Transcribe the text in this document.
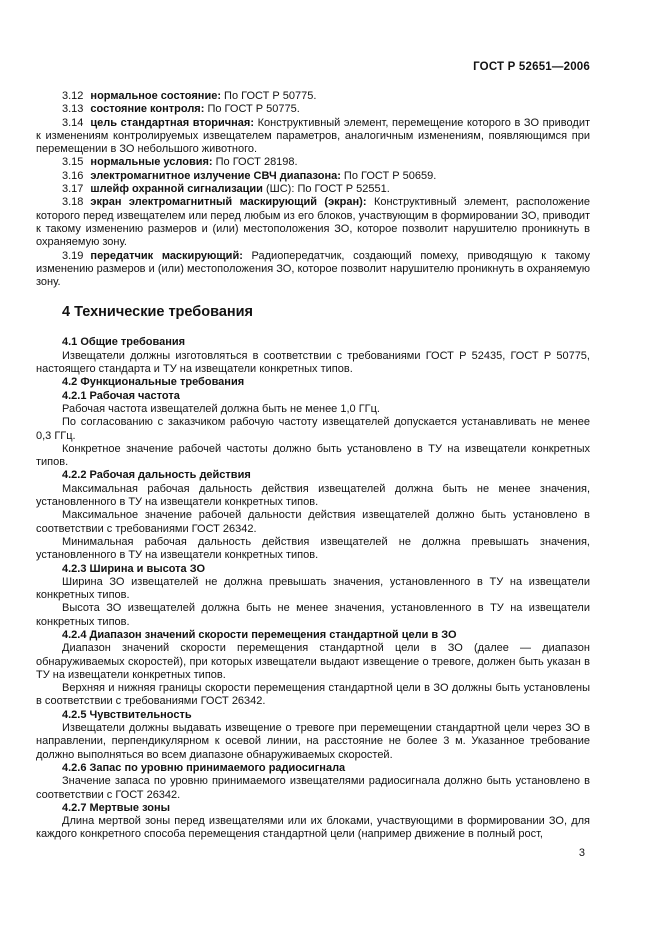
ГОСТ Р 52651—2006

3.12 нормальное состояние: По ГОСТ Р 50775.

3.13 состояние контроля: По ГОСТ Р 50775.

3.14 цель стандартная вторичная: Конструктивный элемент, перемещение которого в ЗО приводит к изменениям контролируемых извещателем параметров, аналогичным изменениям, появляющимся при перемещении в ЗО небольшого животного.

3.15 нормальные условия: По ГОСТ 28198.

3.16 электромагнитное излучение СВЧ диапазона: По ГОСТ Р 50659.

3.17 шлейф охранной сигнализации (ШС): По ГОСТ Р 52551.

3.18 экран электромагнитный маскирующий (экран): Конструктивный элемент, расположение которого перед извещателем или перед любым из его блоков, участвующим в формировании ЗО, приводит к такому изменению размеров и (или) местоположения ЗО, которое позволит нарушителю проникнуть в охраняемую зону.

3.19 передатчик маскирующий: Радиопередатчик, создающий помеху, приводящую к такому изменению размеров и (или) местоположения ЗО, которое позволит нарушителю проникнуть в охраняемую зону.

4 Технические требования

4.1 Общие требования

Извещатели должны изготовляться в соответствии с требованиями ГОСТ Р 52435, ГОСТ Р 50775, настоящего стандарта и ТУ на извещатели конкретных типов.

4.2 Функциональные требования

4.2.1 Рабочая частота

Рабочая частота извещателей должна быть не менее 1,0 ГГц.

По согласованию с заказчиком рабочую частоту извещателей допускается устанавливать не менее 0,3 ГГц.

Конкретное значение рабочей частоты должно быть установлено в ТУ на извещатели конкретных типов.

4.2.2 Рабочая дальность действия

Максимальная рабочая дальность действия извещателей должна быть не менее значения, установленного в ТУ на извещатели конкретных типов.

Максимальное значение рабочей дальности действия извещателей должно быть установлено в соответствии с требованиями ГОСТ 26342.

Минимальная рабочая дальность действия извещателей не должна превышать значения, установленного в ТУ на извещатели конкретных типов.

4.2.3 Ширина и высота ЗО

Ширина ЗО извещателей не должна превышать значения, установленного в ТУ на извещатели конкретных типов.

Высота ЗО извещателей должна быть не менее значения, установленного в ТУ на извещатели конкретных типов.

4.2.4 Диапазон значений скорости перемещения стандартной цели в ЗО

Диапазон значений скорости перемещения стандартной цели в ЗО (далее — диапазон обнаруживаемых скоростей), при которых извещатели выдают извещение о тревоге, должен быть указан в ТУ на извещатели конкретных типов.

Верхняя и нижняя границы скорости перемещения стандартной цели в ЗО должны быть установлены в соответствии с требованиями ГОСТ 26342.

4.2.5 Чувствительность

Извещатели должны выдавать извещение о тревоге при перемещении стандартной цели через ЗО в направлении, перпендикулярном к осевой линии, на расстояние не более 3 м. Указанное требование должно выполняться во всем диапазоне обнаруживаемых скоростей.

4.2.6 Запас по уровню принимаемого радиосигнала

Значение запаса по уровню принимаемого извещателями радиосигнала должно быть установлено в соответствии с ГОСТ 26342.

4.2.7 Мертвые зоны

Длина мертвой зоны перед извещателями или их блоками, участвующими в формировании ЗО, для каждого конкретного способа перемещения стандартной цели (например движение в полный рост,

3
